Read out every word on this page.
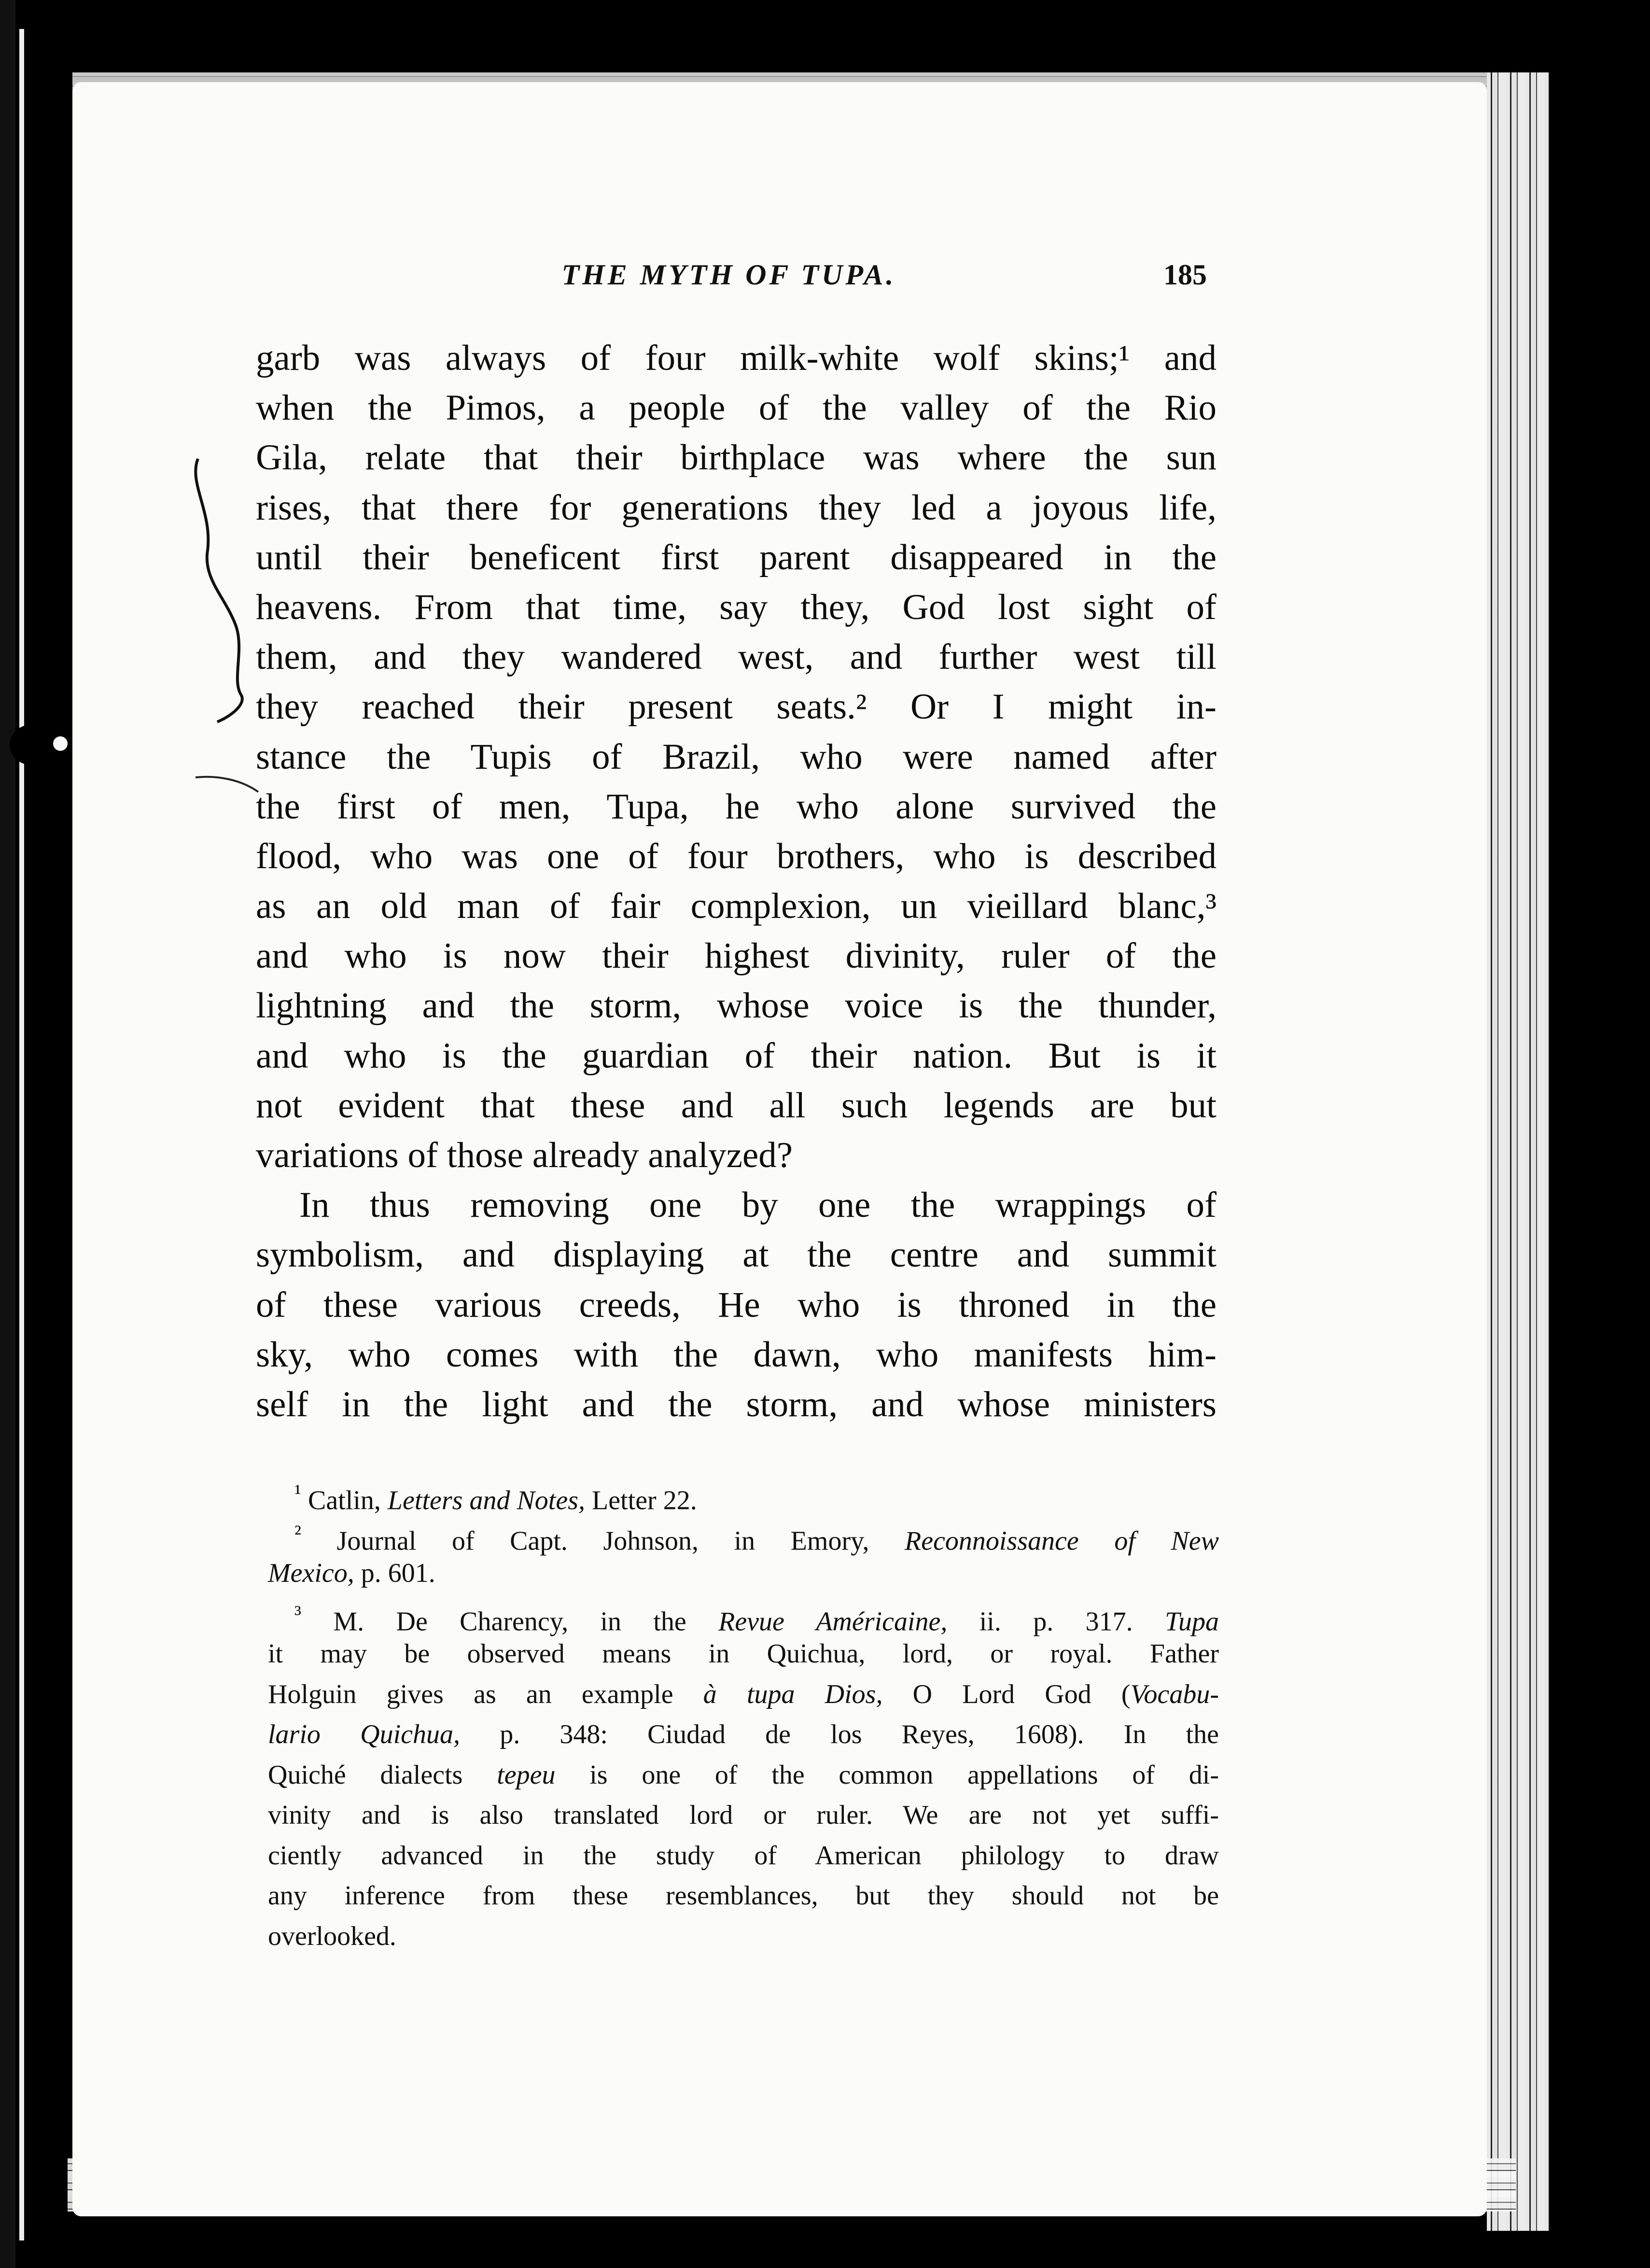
THE MYTH OF TUPA.	185
garb was always of four milk-white wolf skins;¹ and
when the Pimos, a people of the valley of the Rio
Gila, relate that their birthplace was where the sun
rises, that there for generations they led a joyous life,
until their beneficent first parent disappeared in the
heavens. From that time, say they, God lost sight of
them, and they wandered west, and further west till
they reached their present seats.² Or I might in-
stance the Tupis of Brazil, who were named after
the first of men, Tupa, he who alone survived the
flood, who was one of four brothers, who is described
as an old man of fair complexion, un vieillard blanc,³
and who is now their highest divinity, ruler of the
lightning and the storm, whose voice is the thunder,
and who is the guardian of their nation. But is it
not evident that these and all such legends are but
variations of those already analyzed?
In thus removing one by one the wrappings of
symbolism, and displaying at the centre and summit
of these various creeds, He who is throned in the
sky, who comes with the dawn, who manifests him-
self in the light and the storm, and whose ministers
$^{^1}$ Catlin, Letters and Notes, Letter 22.
$^{^2}$ Journal of Capt. Johnson, in Emory, Reconnoissance of New
Mexico, p. 601.
$^{^3}$ M. De Charency, in the Revue Américaine, ii. p. 317. Tupa
it may be observed means in Quichua, lord, or royal. Father
Holguin gives as an example à tupa Dios, O Lord God (Vocabu-
lario Quichua, p. 348: Ciudad de los Reyes, 1608). In the
Quiché dialects tepeu is one of the common appellations of di-
vinity and is also translated lord or ruler. We are not yet suffi-
ciently advanced in the study of American philology to draw
any inference from these resemblances, but they should not be
overlooked.
